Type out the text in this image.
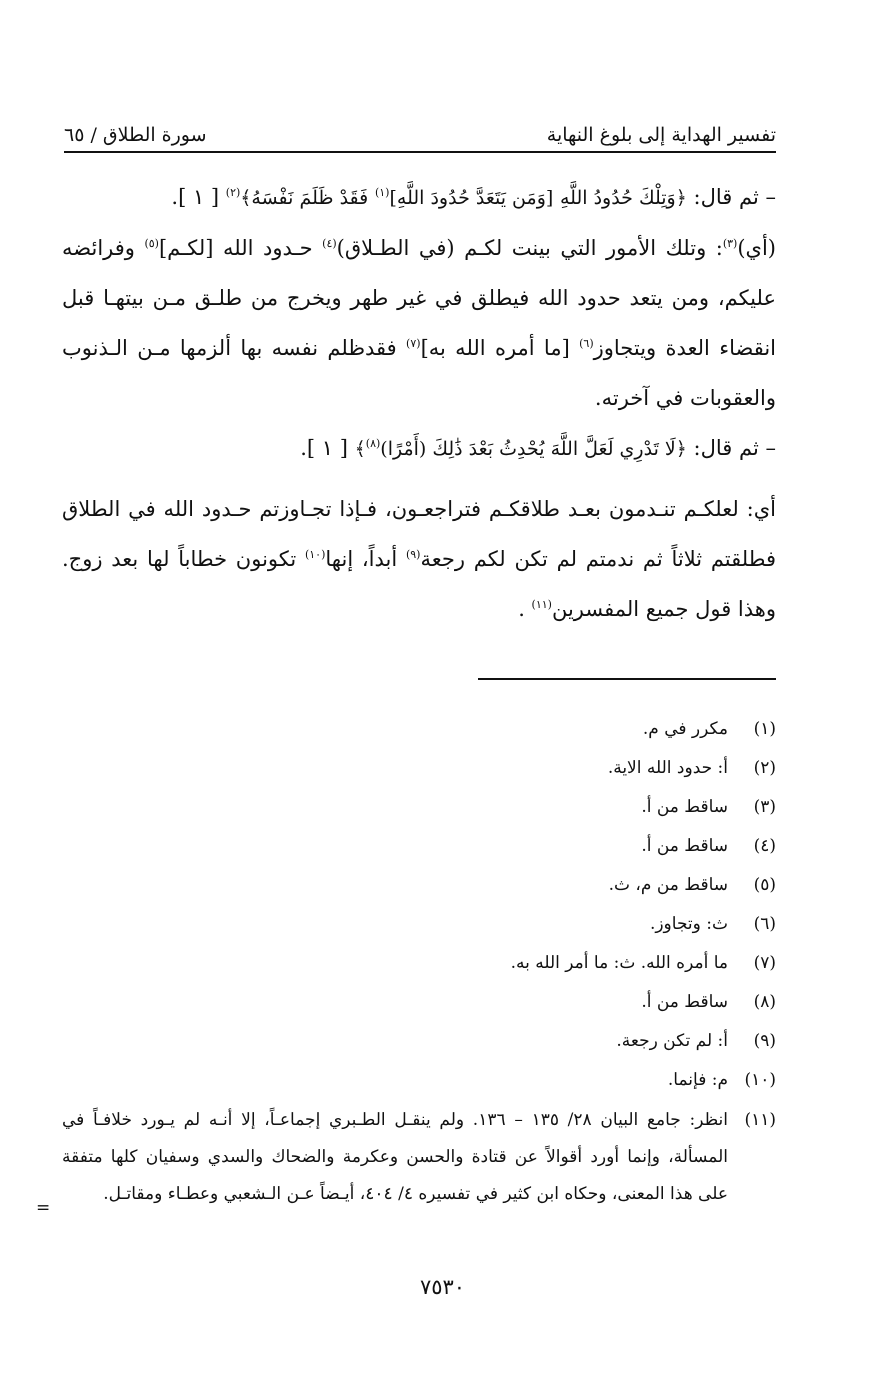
تفسير الهداية إلى بلوغ النهاية
سورة الطلاق / ٦٥

– ثم قال: ﴿وَتِلْكَ حُدُودُ اللَّهِ [وَمَن يَتَعَدَّ حُدُودَ اللَّهِ]$^{(١)}$ فَقَدْ ظَلَمَ نَفْسَهُ﴾$^{(٢)}$ [ ١ ].

(أي)$^{(٣)}$: وتلك الأمور التي بينت لكـم (في الطـلاق)$^{(٤)}$ حـدود الله [لكـم]$^{(٥)}$ وفرائضه عليكم، ومن يتعد حدود الله فيطلق في غير طهر ويخرج من طلـق مـن بيتهـا قبل انقضاء العدة ويتجاوز$^{(٦)}$ [ما أمره الله به]$^{(٧)}$ فقدظلم نفسه بها ألزمها مـن الـذنوب والعقوبات في آخرته.

– ثم قال: ﴿لَا تَدْرِي لَعَلَّ اللَّهَ يُحْدِثُ بَعْدَ ذَٰلِكَ (أَمْرًا)$^{(٨)}$﴾ [ ١ ].

أي: لعلكـم تنـدمون بعـد طلاقكـم فتراجعـون، فـإذا تجـاوزتم حـدود الله في الطلاق فطلقتم ثلاثاً ثم ندمتم لم تكن لكم رجعة$^{(٩)}$ أبداً، إنها$^{(١٠)}$ تكونون خطاباً لها بعد زوج. وهذا قول جميع المفسرين$^{(١١)}$ .

(١)
مكرر في م.
(٢)
أ: حدود الله الاية.
(٣)
ساقط من أ.
(٤)
ساقط من أ.
(٥)
ساقط من م، ث.
(٦)
ث: وتجاوز.
(٧)
ما أمره الله. ث: ما أمر الله به.
(٨)
ساقط من أ.
(٩)
أ: لم تكن رجعة.
(١٠)
م: فإنما.
(١١)
انظر: جامع البيان ٢٨/ ١٣٥ – ١٣٦. ولم ينقـل الطـبري إجماعـاً، إلا أنـه لم يـورد خلافـاً في المسألة، وإنما أورد أقوالاً عن قتادة والحسن وعكرمة والضحاك والسدي وسفيان كلها متفقة على هذا المعنى، وحكاه ابن كثير في تفسيره ٤/ ٤٠٤، أيـضاً عـن الـشعبي وعطـاء ومقاتـل.
=
٧٥٣٠
